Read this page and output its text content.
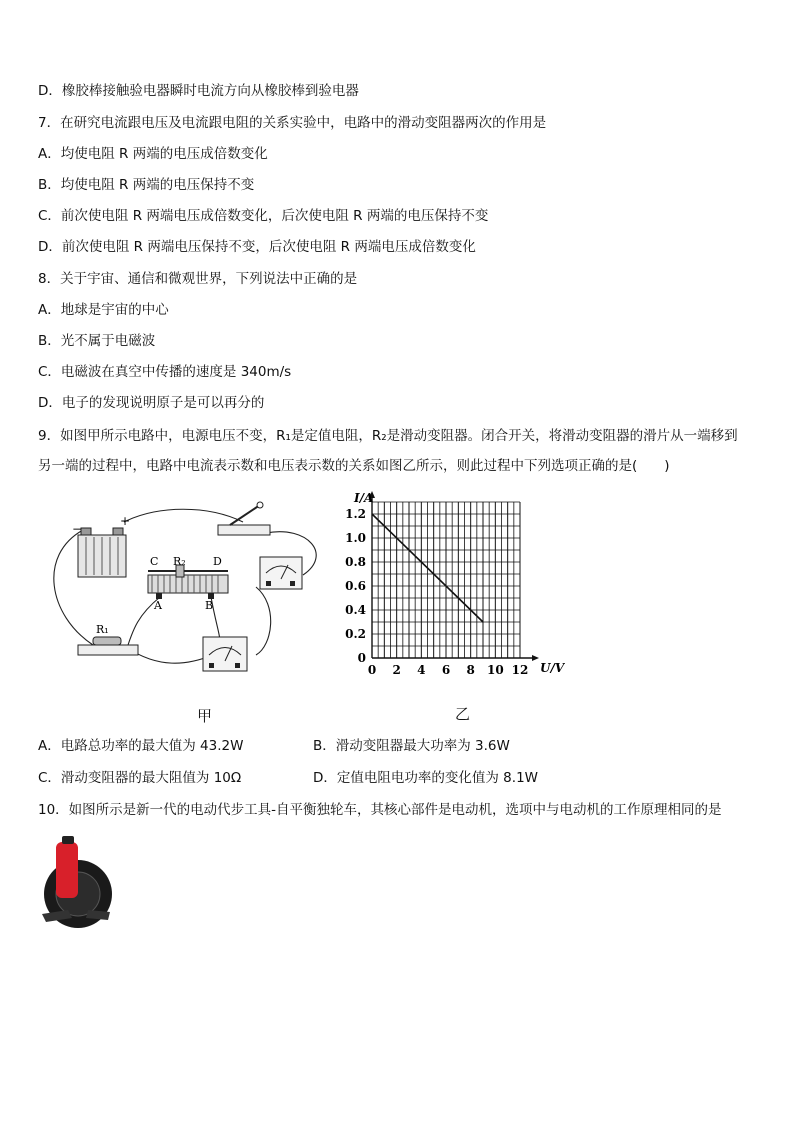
D．橡胶棒接触验电器瞬时电流方向从橡胶棒到验电器
7．在研究电流跟电压及电流跟电阻的关系实验中，电路中的滑动变阻器两次的作用是
A．均使电阻 R 两端的电压成倍数变化
B．均使电阻 R 两端的电压保持不变
C．前次使电阻 R 两端电压成倍数变化，后次使电阻 R 两端的电压保持不变
D．前次使电阻 R 两端电压保持不变，后次使电阻 R 两端电压成倍数变化
8．关于宇宙、通信和微观世界，下列说法中正确的是
A．地球是宇宙的中心
B．光不属于电磁波
C．电磁波在真空中传播的速度是 340m/s
D．电子的发现说明原子是可以再分的
9．如图甲所示电路中，电源电压不变，R₁是定值电阻，R₂是滑动变阻器。闭合开关，将滑动变阻器的滑片从一端移到
另一端的过程中，电路中电流表示数和电压表示数的关系如图乙所示，则此过程中下列选项正确的是(　　)
−
+
C R₂ D
A	B
R₁
0 2 4 6 8 10 12
0
0.2
0.4
0.6
0.8
1.0
1.2
U/V
I/A
甲	乙
A．电路总功率的最大值为 43.2W	B．滑动变阻器最大功率为 3.6W
C．滑动变阻器的最大阻值为 10Ω	D．定值电阻电功率的变化值为 8.1W
10．如图所示是新一代的电动代步工具-自平衡独轮车，其核心部件是电动机，选项中与电动机的工作原理相同的是
